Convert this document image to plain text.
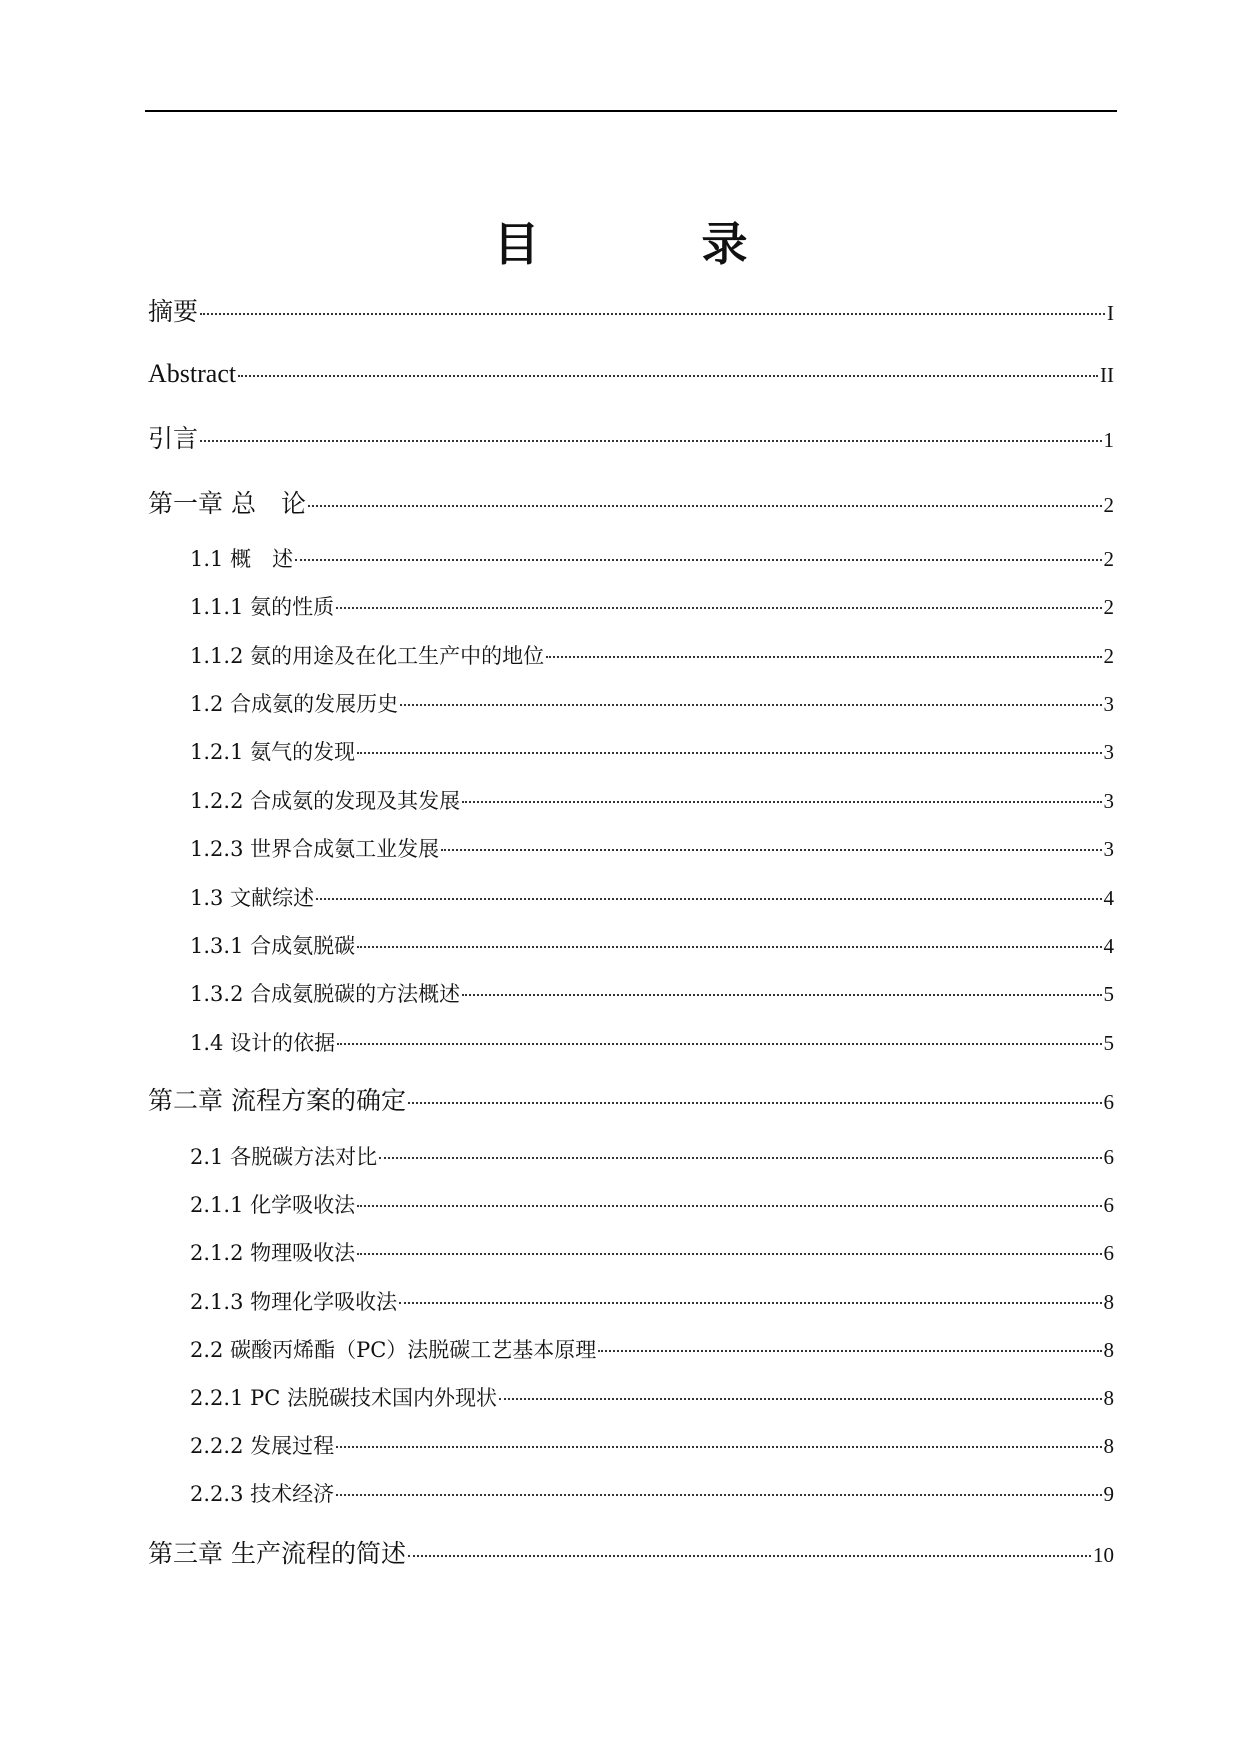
目　录
摘要	I
Abstract	II
引言	1
第一章 总　论	2
1.1 概　述	2
1.1.1 氨的性质	2
1.1.2 氨的用途及在化工生产中的地位	2
1.2 合成氨的发展历史	3
1.2.1 氨气的发现	3
1.2.2 合成氨的发现及其发展	3
1.2.3 世界合成氨工业发展	3
1.3 文献综述	4
1.3.1 合成氨脱碳	4
1.3.2 合成氨脱碳的方法概述	5
1.4 设计的依据	5
第二章 流程方案的确定	6
2.1 各脱碳方法对比	6
2.1.1 化学吸收法	6
2.1.2 物理吸收法	6
2.1.3 物理化学吸收法	8
2.2 碳酸丙烯酯（PC）法脱碳工艺基本原理	8
2.2.1 PC 法脱碳技术国内外现状	8
2.2.2 发展过程	8
2.2.3 技术经济	9
第三章 生产流程的简述	10
